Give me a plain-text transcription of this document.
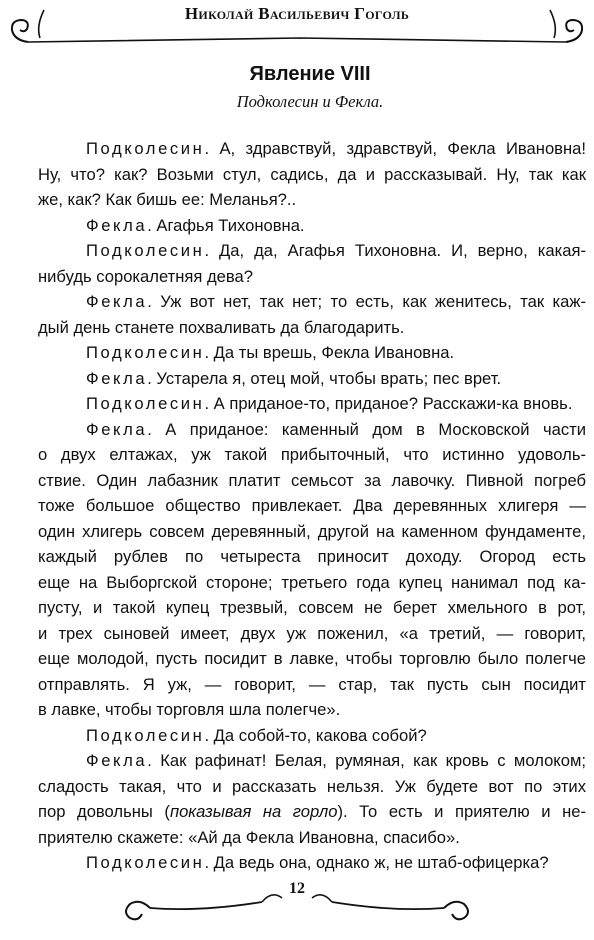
Николай Васильевич Гоголь
Явление VIII
Подколесин и Фекла.
Подколесин. А, здравствуй, здравствуй, Фекла Ивановна!
Ну, что? как? Возьми стул, садись, да и рассказывай. Ну, так как
же, как? Как бишь ее: Меланья?..
Фекла. Агафья Тихоновна.
Подколесин. Да, да, Агафья Тихоновна. И, верно, какая-
нибудь сорокалетняя дева?
Фекла. Уж вот нет, так нет; то есть, как женитесь, так каж-
дый день станете похваливать да благодарить.
Подколесин. Да ты врешь, Фекла Ивановна.
Фекла. Устарела я, отец мой, чтобы врать; пес врет.
Подколесин. А приданое-то, приданое? Расскажи-ка вновь.
Фекла. А приданое: каменный дом в Московской части
о двух елтажах, уж такой прибыточный, что истинно удоволь-
ствие. Один лабазник платит семьсот за лавочку. Пивной погреб
тоже большое общество привлекает. Два деревянных хлигеря —
один хлигерь совсем деревянный, другой на каменном фундаменте,
каждый рублев по четыреста приносит доходу. Огород есть
еще на Выборгской стороне; третьего года купец нанимал под ка-
пусту, и такой купец трезвый, совсем не берет хмельного в рот,
и трех сыновей имеет, двух уж поженил, «а третий, — говорит,
еще молодой, пусть посидит в лавке, чтобы торговлю было полегче
отправлять. Я уж, — говорит, — стар, так пусть сын посидит
в лавке, чтобы торговля шла полегче».
Подколесин. Да собой-то, какова собой?
Фекла. Как рафинат! Белая, румяная, как кровь с молоком;
сладость такая, что и рассказать нельзя. Уж будете вот по этих
пор довольны (показывая на горло). То есть и приятелю и не-
приятелю скажете: «Ай да Фекла Ивановна, спасибо».
Подколесин. Да ведь она, однако ж, не штаб-офицерка?
12
